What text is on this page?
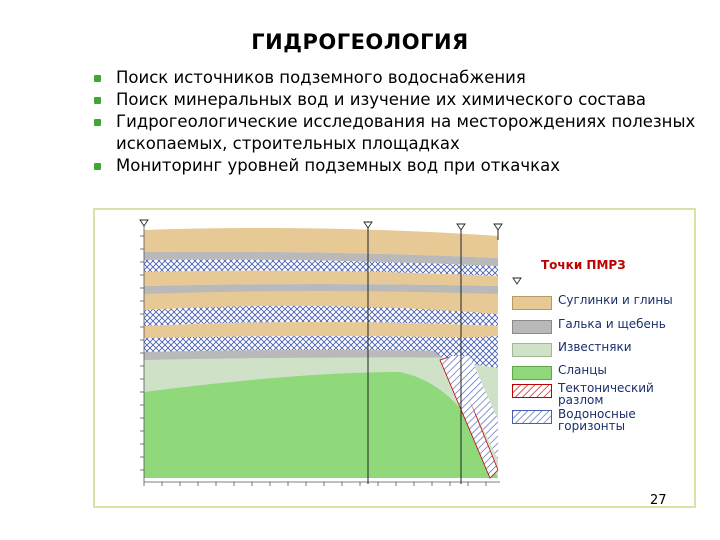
ГИДРОГЕОЛОГИЯ
Поиск источников подземного водоснабжения
Поиск минеральных вод и изучение их химического состава
Гидрогеологические исследования на месторождениях полезных ископаемых, строительных площадках
Мониторинг уровней подземных вод при откачках
Точки ПМРЗ
Суглинки и глины
Галька и щебень
Известняки
Сланцы
Тектонический разлом
Водоносные горизонты
27
